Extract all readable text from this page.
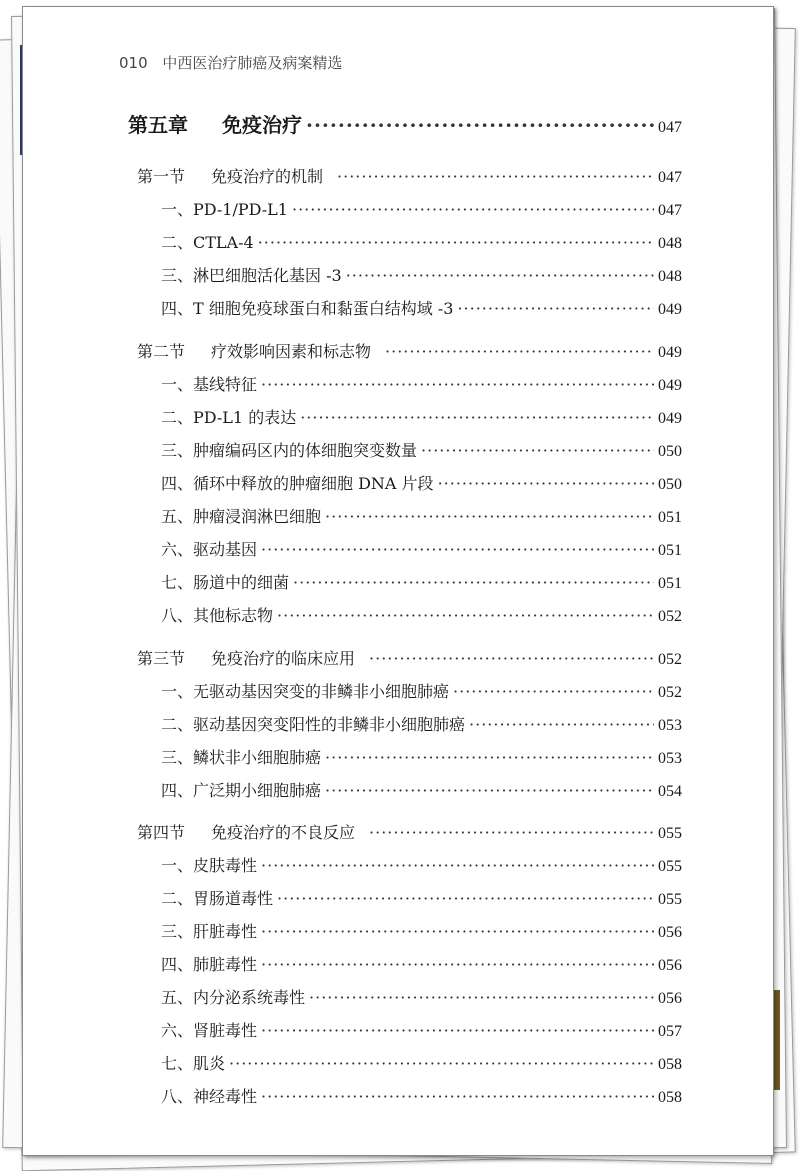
010 中西医治疗肺癌及病案精选
第五章 免疫治疗 ·····	047
第一节 免疫治疗的机制 ·····	047
一、PD-1/PD-L1 ·····	047
二、CTLA-4 ·····	048
三、淋巴细胞活化基因 -3 ·····	048
四、T 细胞免疫球蛋白和黏蛋白结构域 -3 ·····	049
第二节 疗效影响因素和标志物 ·····	049
一、基线特征 ·····	049
二、PD-L1 的表达 ·····	049
三、肿瘤编码区内的体细胞突变数量 ·····	050
四、循环中释放的肿瘤细胞 DNA 片段 ·····	050
五、肿瘤浸润淋巴细胞 ·····	051
六、驱动基因 ·····	051
七、肠道中的细菌 ·····	051
八、其他标志物 ·····	052
第三节 免疫治疗的临床应用 ·····	052
一、无驱动基因突变的非鳞非小细胞肺癌 ·····	052
二、驱动基因突变阳性的非鳞非小细胞肺癌 ·····	053
三、鳞状非小细胞肺癌 ·····	053
四、广泛期小细胞肺癌 ·····	054
第四节 免疫治疗的不良反应 ·····	055
一、皮肤毒性 ·····	055
二、胃肠道毒性 ·····	055
三、肝脏毒性 ·····	056
四、肺脏毒性 ·····	056
五、内分泌系统毒性 ·····	056
六、肾脏毒性 ·····	057
七、肌炎 ·····	058
八、神经毒性 ·····	058
